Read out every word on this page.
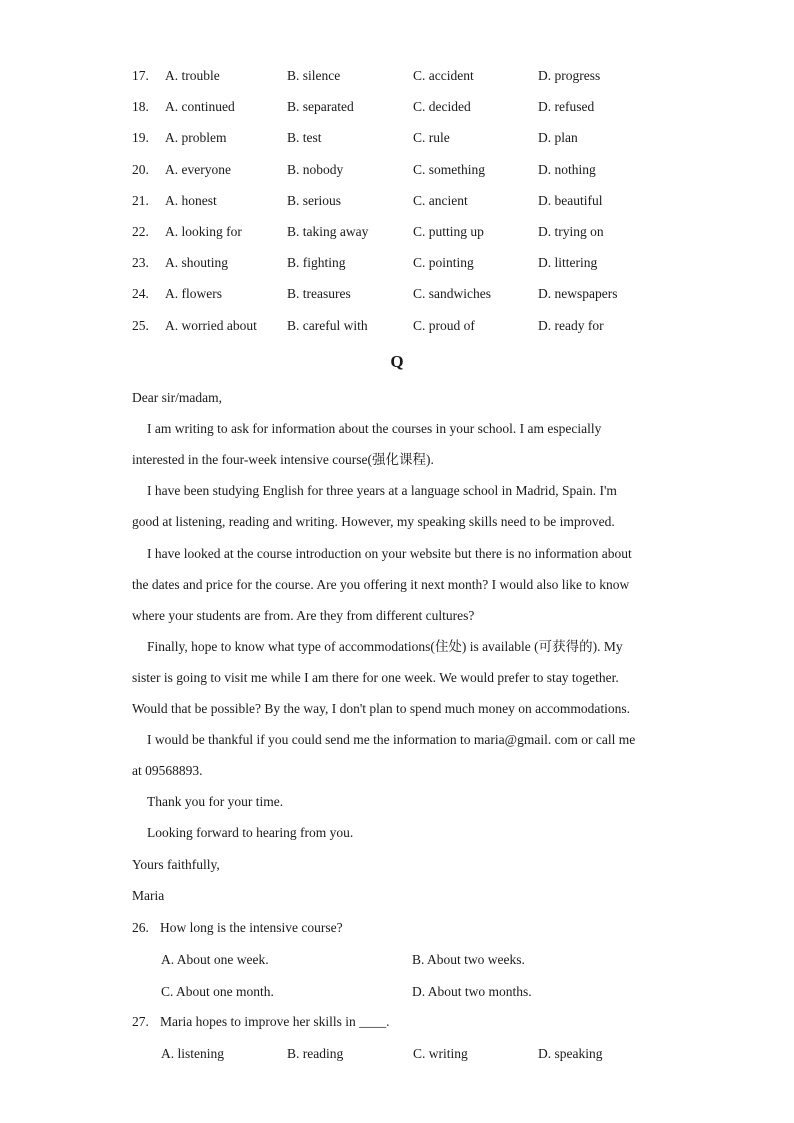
17. A. trouble	B. silence	C. accident	D. progress
18. A. continued	B. separated	C. decided	D. refused
19. A. problem	B. test	C. rule	D. plan
20. A. everyone	B. nobody	C. something	D. nothing
21. A. honest	B. serious	C. ancient	D. beautiful
22. A. looking for	B. taking away	C. putting up	D. trying on
23. A. shouting	B. fighting	C. pointing	D. littering
24. A. flowers	B. treasures	C. sandwiches	D. newspapers
25. A. worried about B. careful with	C. proud of	D. ready for
Q
Dear sir/madam,
I am writing to ask for information about the courses in your school. I am especially
interested in the four-week intensive course(强化课程).
I have been studying English for three years at a language school in Madrid, Spain. I'm
good at listening, reading and writing. However, my speaking skills need to be improved.
I have looked at the course introduction on your website but there is no information about
the dates and price for the course. Are you offering it next month? I would also like to know
where your students are from. Are they from different cultures?
Finally, hope to know what type of accommodations(住处) is available (可获得的). My
sister is going to visit me while I am there for one week. We would prefer to stay together.
Would that be possible? By the way, I don't plan to spend much money on accommodations.
I would be thankful if you could send me the information to maria@gmail. com or call me
at 09568893.
Thank you for your time.
Looking forward to hearing from you.
Yours faithfully,
Maria
26. How long is the intensive course?
A. About one week.	B. About two weeks.
C. About one month.	D. About two months.
27. Maria hopes to improve her skills in ____.
A. listening	B. reading	C. writing	D. speaking
